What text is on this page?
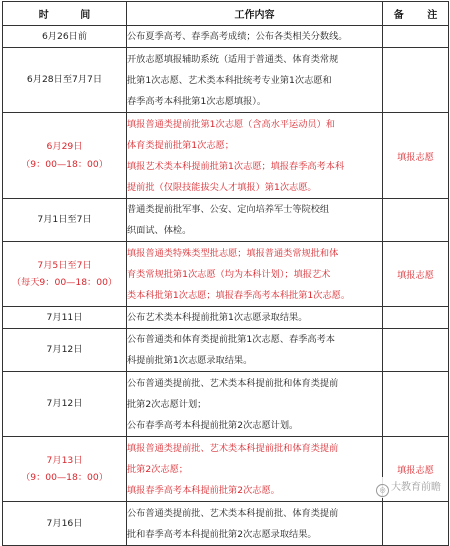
时 间	工作内容	备 注

6月26日前	公布夏季高考、春季高考成绩；公布各类相关分数线。	

6月28日至7月7日	开放志愿填报辅助系统（适用于普通类、体育类常规
批第1次志愿、艺术类本科批统考专业第1次志愿和
春季高考本科批第1次志愿填报）。	

6月29日
（9：00—18：00）	填报普通类提前批第1次志愿（含高水平运动员）和
体育类提前批第1次志愿；
填报艺术类本科提前批第1次志愿；填报春季高考本科
提前批（仅限技能拔尖人才填报）第1次志愿。	填报志愿

7月1日至7日	普通类提前批军事、公安、定向培养军士等院校组
织面试、体检。	

7月5日至7日
（每天9：00—18：00）	填报普通类特殊类型批志愿；填报普通类常规批和体
育类常规批第1次志愿（均为本科计划）；填报艺术
类本科批第1次志愿；填报春季高考本科批第1次志愿。	填报志愿

7月11日	公布艺术类本科提前批第1次志愿录取结果。	

7月12日	公布普通类和体育类提前批第1次志愿、春季高考本
科提前批第1次志愿录取结果。	

7月12日	公布普通类提前批、艺术类本科提前批和体育类提前
批第2次志愿计划；
公布春季高考本科提前批第2次志愿计划。	

7月13日
（9：00—18：00）	填报普通类提前批、艺术类本科提前批和体育类提前
批第2次志愿；
填报春季高考本科提前批第2次志愿。	填报志愿

7月16日	公布普通类提前批、艺术类本科提前批、体育类提前
批和春季高考本科提前批第2次志愿录取结果。	

◎ 大教育前瞻
